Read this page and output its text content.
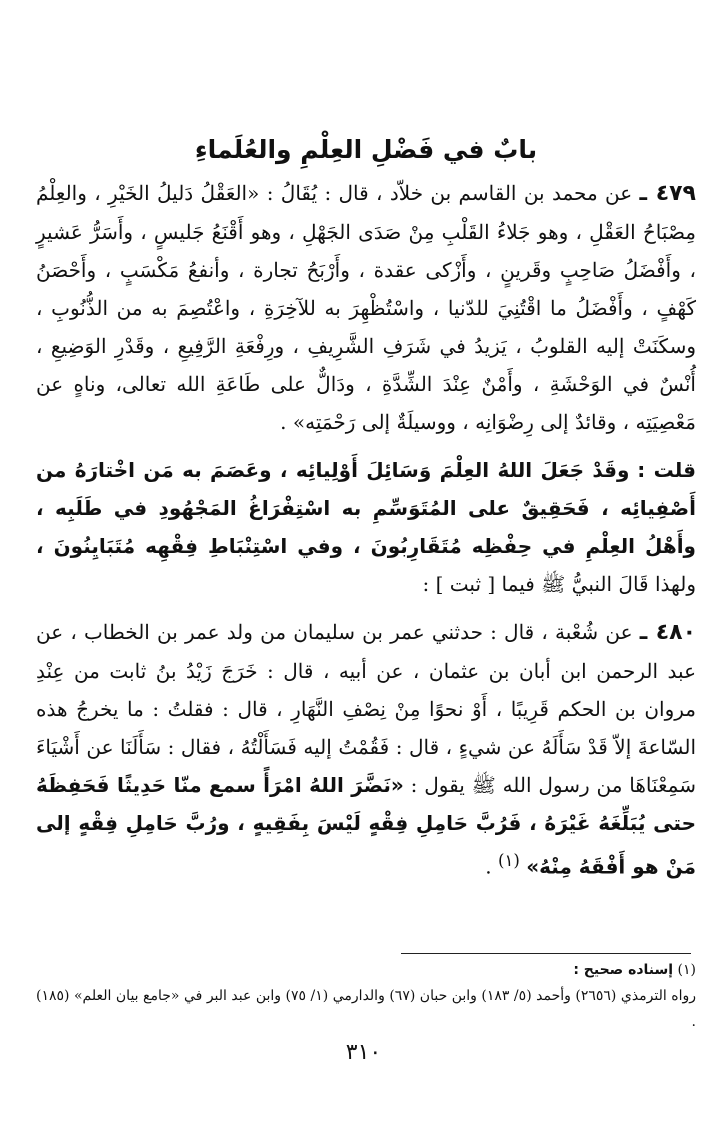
بابٌ في فَضْلِ العِلْمِ والعُلَماءِ

٤٧٩ ـ عن محمد بن القاسم بن خلاّد ، قال : يُقَالُ : «العَقْلُ دَليلُ الخَيْرِ ، والعِلْمُ مِصْبَاحُ العَقْلِ ، وهو جَلاءُ القَلْبِ مِنْ صَدَى الجَهْلِ ، وهو أَقْنَعُ جَليسٍ ، وأَسَرُّ عَشيرٍ ، وأَفْضَلُ صَاحِبٍ وقَرينٍ ، وأَزْكى عقدة ، وأَرْبَحُ تجارة ، وأنفعُ مَكْسَبٍ ، وأَحْصَنُ كَهْفٍ ، وأَفْضَلُ ما اقْتُنِيَ للدّنيا ، واسْتُظْهِرَ به للآخِرَةِ ، واعْتُصِمَ به من الذُّنُوبِ ، وسكَنَتْ إليه القلوبُ ، يَزيدُ في شَرَفِ الشَّرِيفِ ، ورِفْعَةِ الرَّفِيعِ ، وقَدْرِ الوَضِيعِ ، أُنْسٌ في الوَحْشَةِ ، وأَمْنٌ عِنْدَ الشِّدَّةِ ، ودَالٌّ على طَاعَةِ الله تعالى، وناهٍ عن مَعْصِيَتِه ، وقائدٌ إلى رِضْوَانِه ، ووسيلَةٌ إلى رَحْمَتِه» .

قلت : وقَدْ جَعَلَ اللهُ العِلْمَ وَسَائِلَ أَوْلِيائِه ، وعَصَمَ به مَن اخْتارَهُ من أَصْفِيائِه ، فَحَقِيقٌ على المُتَوَسِّمِ به اسْتِفْرَاغُ المَجْهُودِ في طَلَبِه ، وأَهْلُ العِلْمِ في حِفْظِه مُتَقَارِبُونَ ، وفي اسْتِنْبَاطِ فِقْهِه مُتَبَايِنُونَ ، ولهذا قَالَ النبيُّ ﷺ فيما [ ثبت ] :

٤٨٠ ـ عن شُعْبة ، قال : حدثني عمر بن سليمان من ولد عمر بن الخطاب ، عن عبد الرحمن ابن أبان بن عثمان ، عن أبيه ، قال : خَرَجَ زَيْدُ بنُ ثابت من عِنْدِ مروان بن الحكم قَرِيبًا ، أَوْ نحوًا مِنْ نِصْفِ النَّهَارِ ، قال : فقلتُ : ما يخرجُ هذه السّاعةَ إلاّ قَدْ سَأَلَهُ عن شيءٍ ، قال : فَقُمْتُ إليه فَسَأَلْتُهُ ، فقال : سَأَلَنَا عن أَشْيَاءَ سَمِعْنَاهَا من رسول الله ﷺ يقول : «نَضَّرَ اللهُ امْرَأً سمع منّا حَدِيثًا فَحَفِظَهُ حتى يُبَلِّغَهُ غَيْرَهُ ، فَرُبَّ حَامِلِ فِقْهٍ لَيْسَ بِفَقِيهٍ ، ورُبَّ حَامِلِ فِقْهٍ إلى مَنْ هو أَفْقَهُ مِنْهُ» $^{(١)}$ .

(١) إسناده صحيح :
رواه الترمذي (٢٦٥٦) وأحمد (٥/ ١٨٣) وابن حبان (٦٧) والدارمي (١/ ٧٥) وابن عبد البر في «جامع بيان العلم» (١٨٥) .
٣١٠
